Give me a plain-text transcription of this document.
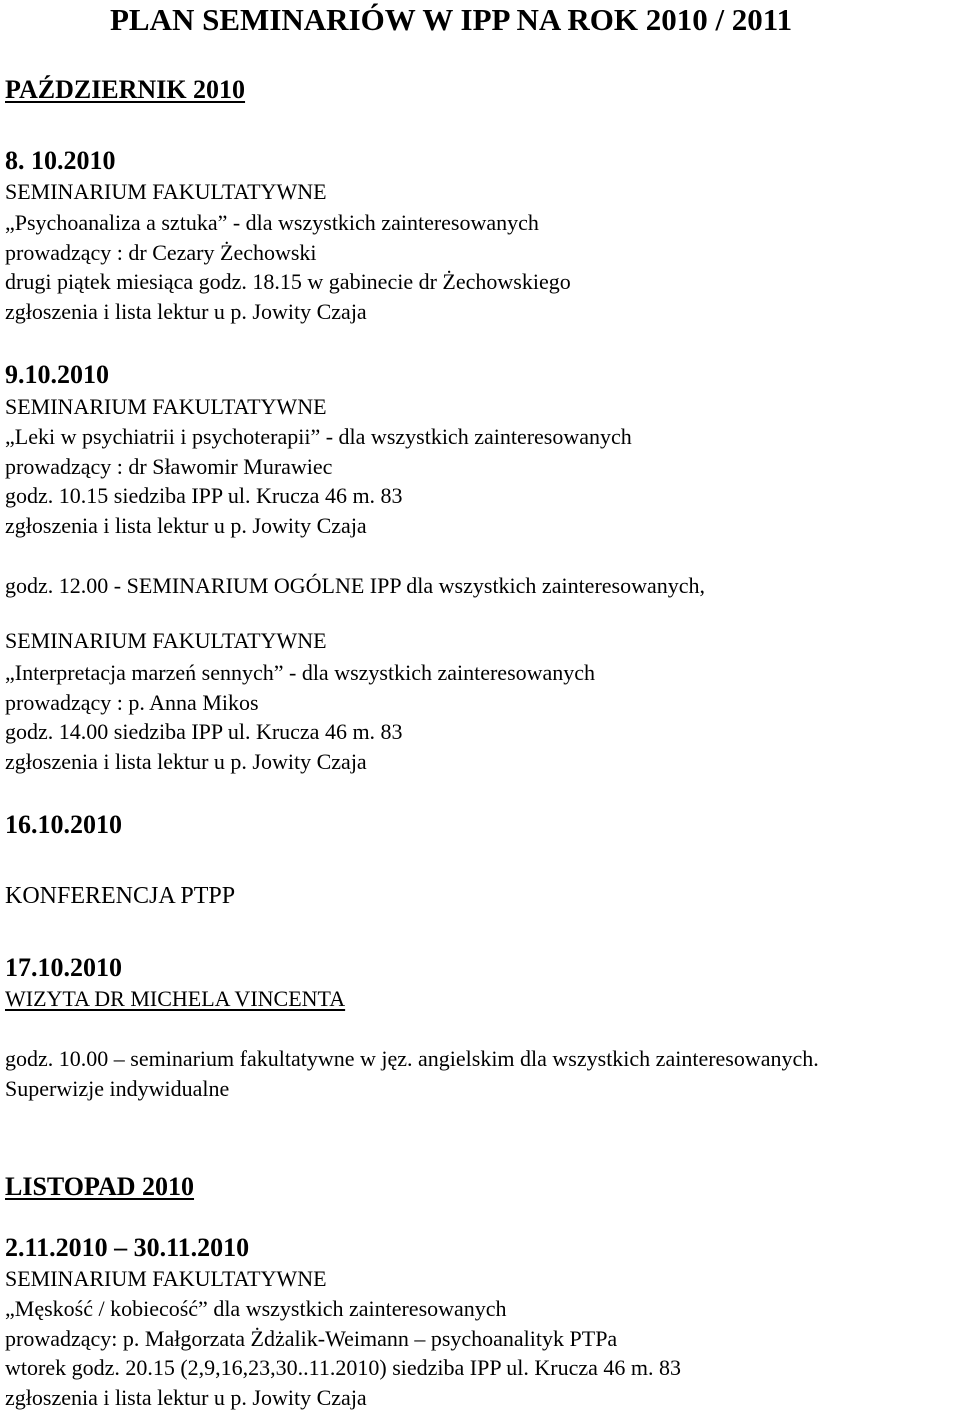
PLAN SEMINARIÓW W IPP NA ROK 2010 / 2011
PAŹDZIERNIK 2010
8. 10.2010
SEMINARIUM FAKULTATYWNE
„Psychoanaliza a sztuka” - dla wszystkich zainteresowanych
prowadzący : dr Cezary Żechowski
drugi piątek miesiąca godz. 18.15 w gabinecie dr Żechowskiego
zgłoszenia i lista lektur u p. Jowity Czaja
9.10.2010
SEMINARIUM FAKULTATYWNE
„Leki w psychiatrii i psychoterapii” - dla wszystkich zainteresowanych
prowadzący : dr Sławomir Murawiec
godz. 10.15 siedziba IPP ul. Krucza 46 m. 83
zgłoszenia i lista lektur u p. Jowity Czaja
godz. 12.00 - SEMINARIUM OGÓLNE IPP dla wszystkich zainteresowanych,
SEMINARIUM FAKULTATYWNE
„Interpretacja marzeń sennych” - dla wszystkich zainteresowanych
prowadzący : p. Anna Mikos
godz. 14.00 siedziba IPP ul. Krucza 46 m. 83
zgłoszenia i lista lektur u p. Jowity Czaja
16.10.2010
KONFERENCJA PTPP
17.10.2010
WIZYTA DR MICHELA VINCENTA
godz. 10.00 – seminarium fakultatywne w jęz. angielskim dla wszystkich zainteresowanych.
Superwizje indywidualne
LISTOPAD 2010
2.11.2010 – 30.11.2010
SEMINARIUM FAKULTATYWNE
„Męskość / kobiecość” dla wszystkich zainteresowanych
prowadzący: p. Małgorzata Żdżalik-Weimann – psychoanalityk PTPa
wtorek godz. 20.15 (2,9,16,23,30..11.2010) siedziba IPP ul. Krucza 46 m. 83
zgłoszenia i lista lektur u p. Jowity Czaja
